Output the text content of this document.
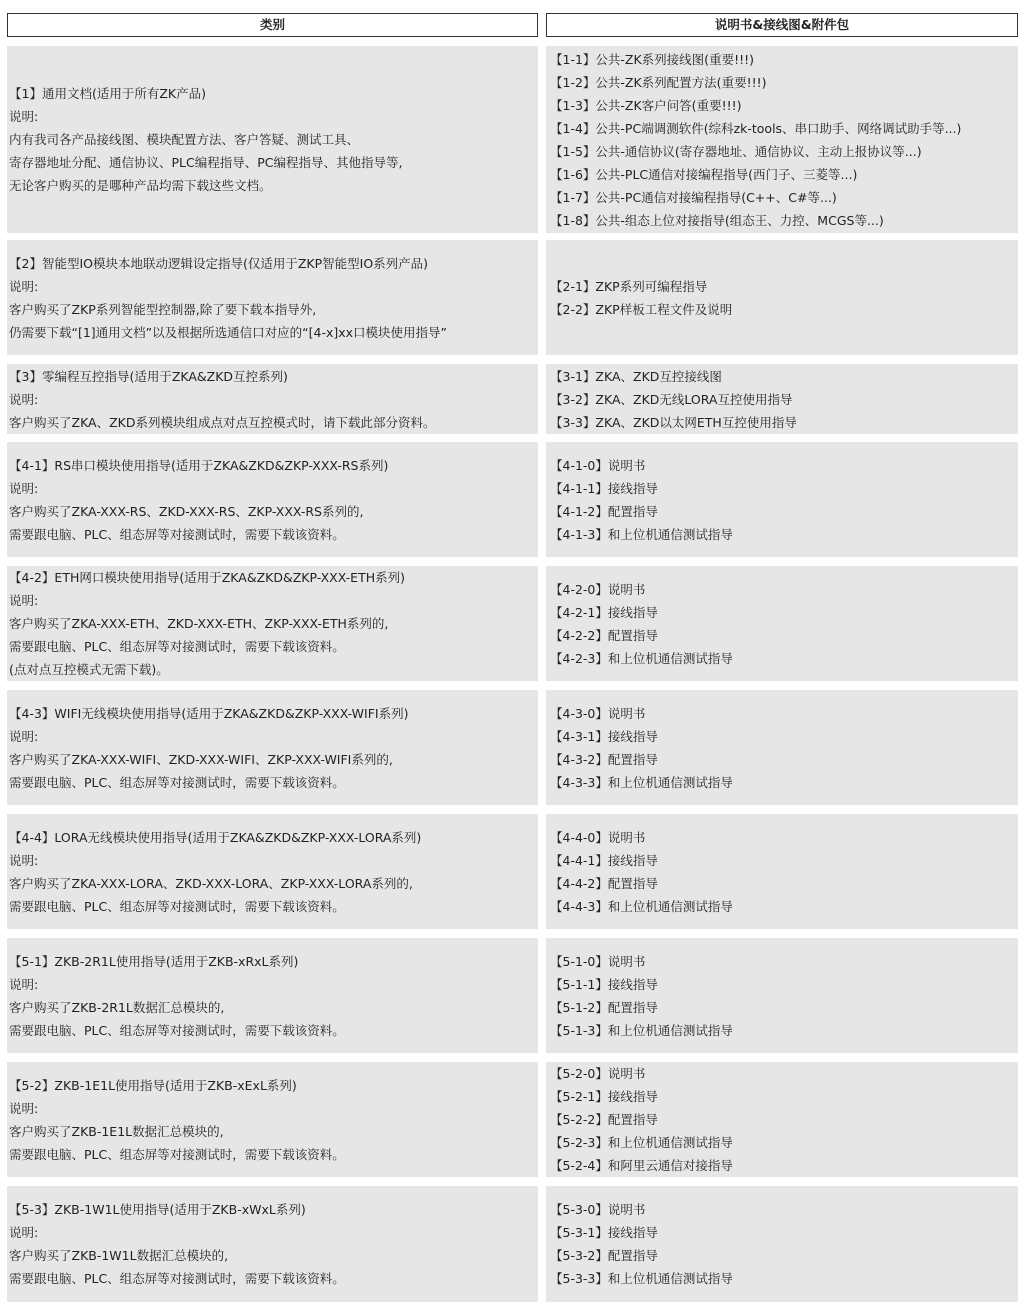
类别	说明书&接线图&附件包
【1】通用文档(适用于所有ZK产品)
说明:
内有我司各产品接线图、模块配置方法、客户答疑、测试工具、
寄存器地址分配、通信协议、PLC编程指导、PC编程指导、其他指导等,
无论客户购买的是哪种产品均需下载这些文档。
【1-1】公共-ZK系列接线图(重要!!!)
【1-2】公共-ZK系列配置方法(重要!!!)
【1-3】公共-ZK客户问答(重要!!!)
【1-4】公共-PC端调测软件(综科zk-tools、串口助手、网络调试助手等...)
【1-5】公共-通信协议(寄存器地址、通信协议、主动上报协议等...)
【1-6】公共-PLC通信对接编程指导(西门子、三菱等...)
【1-7】公共-PC通信对接编程指导(C++、C#等...)
【1-8】公共-组态上位对接指导(组态王、力控、MCGS等...)
【2】智能型IO模块本地联动逻辑设定指导(仅适用于ZKP智能型IO系列产品)
说明:
客户购买了ZKP系列智能型控制器,除了要下载本指导外,
仍需要下载“[1]通用文档”以及根据所选通信口对应的“[4-x]xx口模块使用指导”
【2-1】ZKP系列可编程指导
【2-2】ZKP样板工程文件及说明
【3】零编程互控指导(适用于ZKA&ZKD互控系列)
说明:
客户购买了ZKA、ZKD系列模块组成点对点互控模式时，请下载此部分资料。
【3-1】ZKA、ZKD互控接线图
【3-2】ZKA、ZKD无线LORA互控使用指导
【3-3】ZKA、ZKD以太网ETH互控使用指导
【4-1】RS串口模块使用指导(适用于ZKA&ZKD&ZKP-XXX-RS系列)
说明:
客户购买了ZKA-XXX-RS、ZKD-XXX-RS、ZKP-XXX-RS系列的,
需要跟电脑、PLC、组态屏等对接测试时，需要下载该资料。
【4-1-0】说明书
【4-1-1】接线指导
【4-1-2】配置指导
【4-1-3】和上位机通信测试指导
【4-2】ETH网口模块使用指导(适用于ZKA&ZKD&ZKP-XXX-ETH系列)
说明:
客户购买了ZKA-XXX-ETH、ZKD-XXX-ETH、ZKP-XXX-ETH系列的,
需要跟电脑、PLC、组态屏等对接测试时，需要下载该资料。
(点对点互控模式无需下载)。
【4-2-0】说明书
【4-2-1】接线指导
【4-2-2】配置指导
【4-2-3】和上位机通信测试指导
【4-3】WIFI无线模块使用指导(适用于ZKA&ZKD&ZKP-XXX-WIFI系列)
说明:
客户购买了ZKA-XXX-WIFI、ZKD-XXX-WIFI、ZKP-XXX-WIFI系列的,
需要跟电脑、PLC、组态屏等对接测试时，需要下载该资料。
【4-3-0】说明书
【4-3-1】接线指导
【4-3-2】配置指导
【4-3-3】和上位机通信测试指导
【4-4】LORA无线模块使用指导(适用于ZKA&ZKD&ZKP-XXX-LORA系列)
说明:
客户购买了ZKA-XXX-LORA、ZKD-XXX-LORA、ZKP-XXX-LORA系列的,
需要跟电脑、PLC、组态屏等对接测试时，需要下载该资料。
【4-4-0】说明书
【4-4-1】接线指导
【4-4-2】配置指导
【4-4-3】和上位机通信测试指导
【5-1】ZKB-2R1L使用指导(适用于ZKB-xRxL系列)
说明:
客户购买了ZKB-2R1L数据汇总模块的,
需要跟电脑、PLC、组态屏等对接测试时，需要下载该资料。
【5-1-0】说明书
【5-1-1】接线指导
【5-1-2】配置指导
【5-1-3】和上位机通信测试指导
【5-2】ZKB-1E1L使用指导(适用于ZKB-xExL系列)
说明:
客户购买了ZKB-1E1L数据汇总模块的,
需要跟电脑、PLC、组态屏等对接测试时，需要下载该资料。
【5-2-0】说明书
【5-2-1】接线指导
【5-2-2】配置指导
【5-2-3】和上位机通信测试指导
【5-2-4】和阿里云通信对接指导
【5-3】ZKB-1W1L使用指导(适用于ZKB-xWxL系列)
说明:
客户购买了ZKB-1W1L数据汇总模块的,
需要跟电脑、PLC、组态屏等对接测试时，需要下载该资料。
【5-3-0】说明书
【5-3-1】接线指导
【5-3-2】配置指导
【5-3-3】和上位机通信测试指导
